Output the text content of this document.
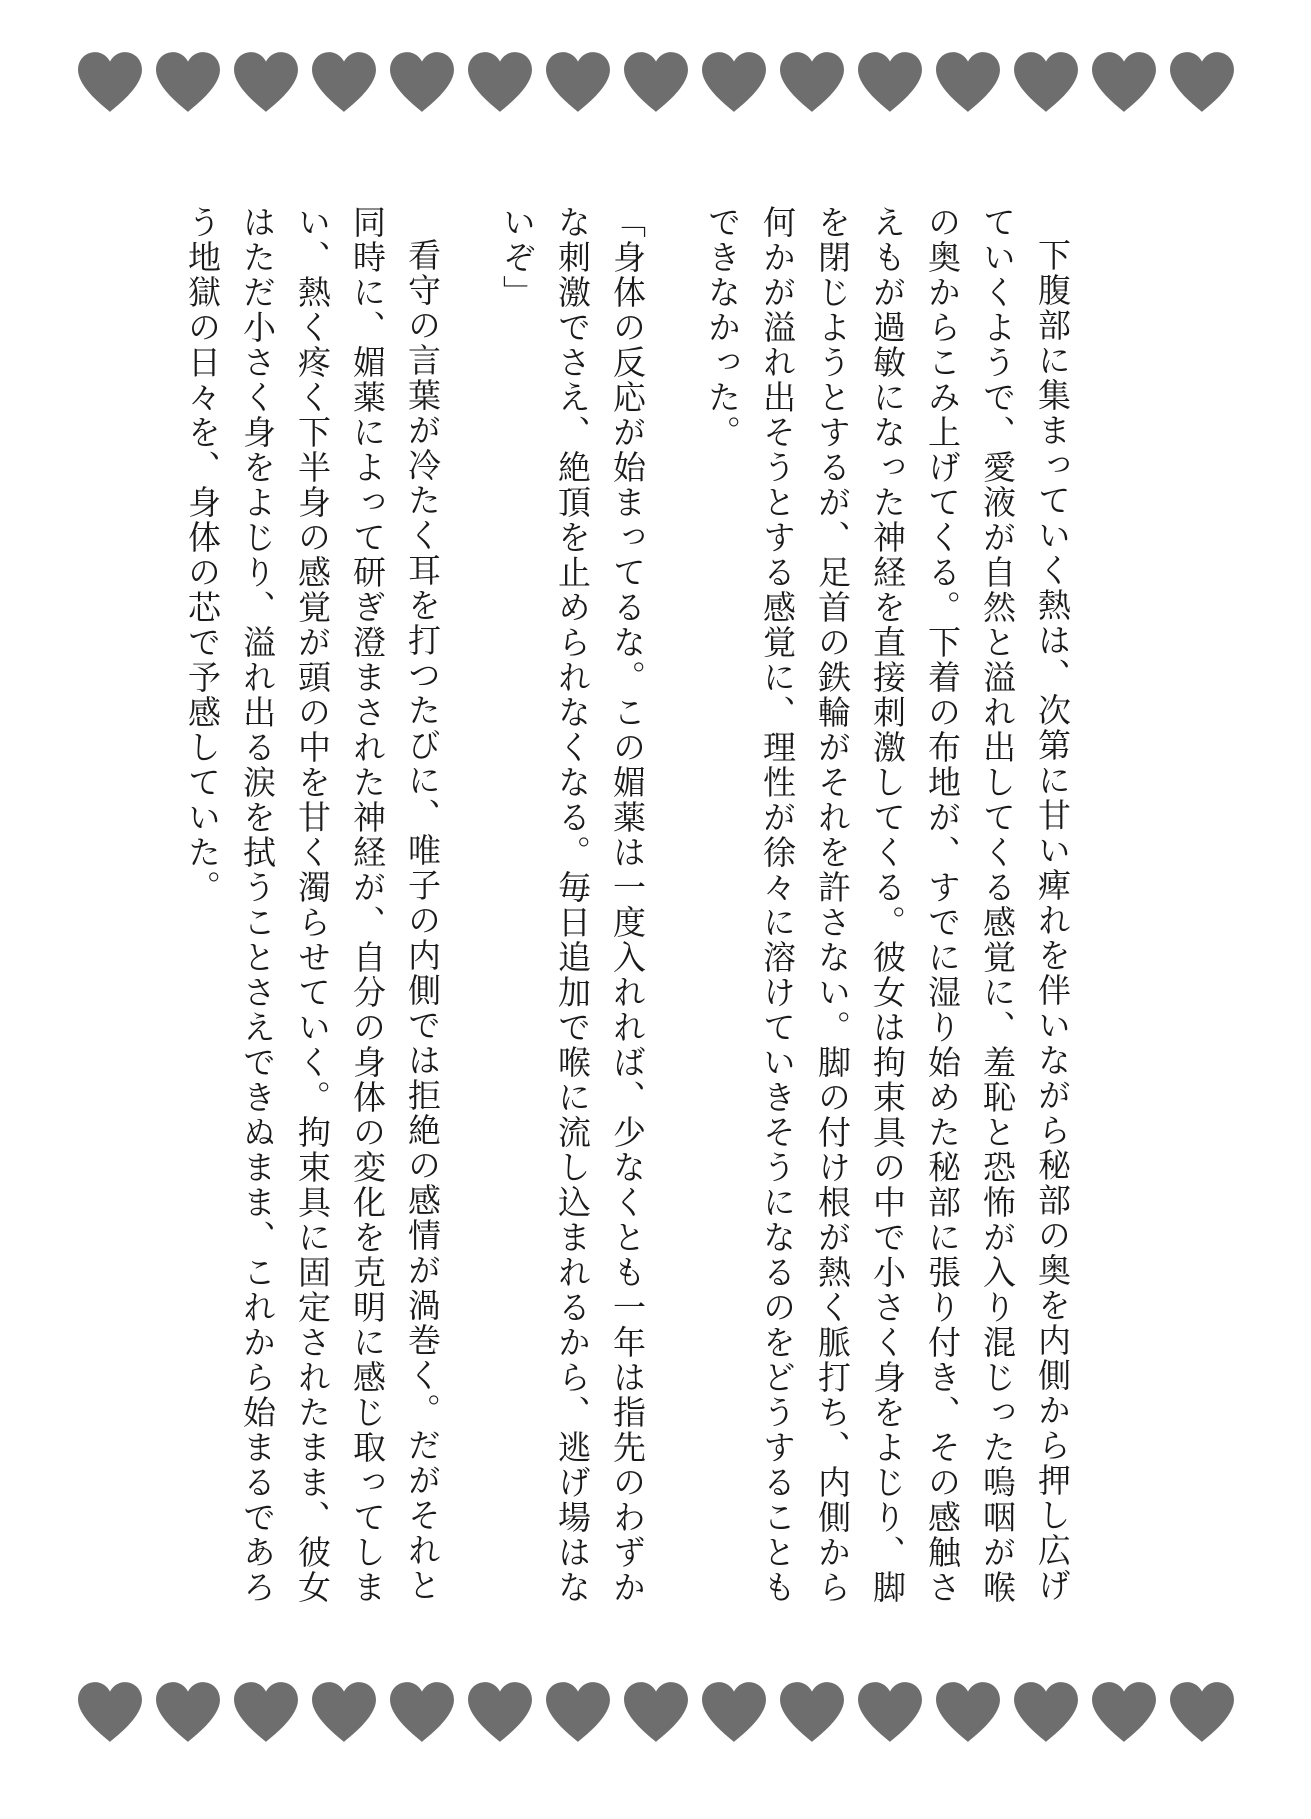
下腹部に集まっていく熱は、次第に甘い痺れを伴いながら秘部の奥を内側から押し広げていくようで、愛液が自然と溢れ出してくる感覚に、羞恥と恐怖が入り混じった嗚咽が喉の奥からこみ上げてくる。下着の布地が、すでに湿り始めた秘部に張り付き、その感触さえもが過敏になった神経を直接刺激してくる。彼女は拘束具の中で小さく身をよじり、脚を閉じようとするが、足首の鉄輪がそれを許さない。脚の付け根が熱く脈打ち、内側から何かが溢れ出そうとする感覚に、理性が徐々に溶けていきそうになるのをどうすることもできなかった。

「身体の反応が始まってるな。この媚薬は一度入れれば、少なくとも一年は指先のわずかな刺激でさえ、絶頂を止められなくなる。毎日追加で喉に流し込まれるから、逃げ場はないぞ」

看守の言葉が冷たく耳を打つたびに、唯子の内側では拒絶の感情が渦巻く。だがそれと同時に、媚薬によって研ぎ澄まされた神経が、自分の身体の変化を克明に感じ取ってしまい、熱く疼く下半身の感覚が頭の中を甘く濁らせていく。拘束具に固定されたまま、彼女はただ小さく身をよじり、溢れ出る涙を拭うことさえできぬまま、これから始まるであろう地獄の日々を、身体の芯で予感していた。
